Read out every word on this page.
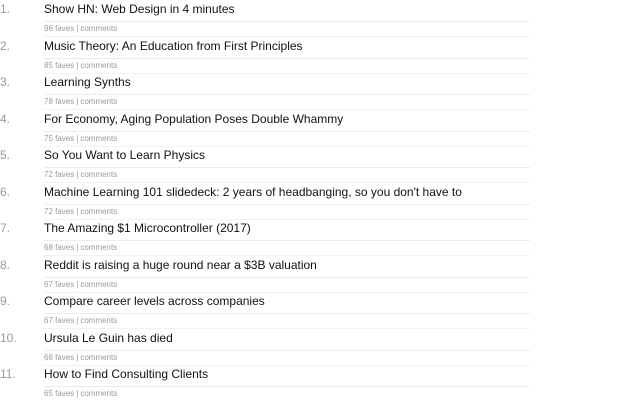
1.	Show HN: Web Design in 4 minutes
96 faves | comments
2.	Music Theory: An Education from First Principles
85 faves | comments
3.	Learning Synths
78 faves | comments
4.	For Economy, Aging Population Poses Double Whammy
75 faves | comments
5.	So You Want to Learn Physics
72 faves | comments
6.	Machine Learning 101 slidedeck: 2 years of headbanging, so you don't have to
72 faves | comments
7.	The Amazing $1 Microcontroller (2017)
68 faves | comments
8.	Reddit is raising a huge round near a $3B valuation
67 faves | comments
9.	Compare career levels across companies
67 faves | comments
10.	Ursula Le Guin has died
66 faves | comments
11.	How to Find Consulting Clients
65 faves | comments
